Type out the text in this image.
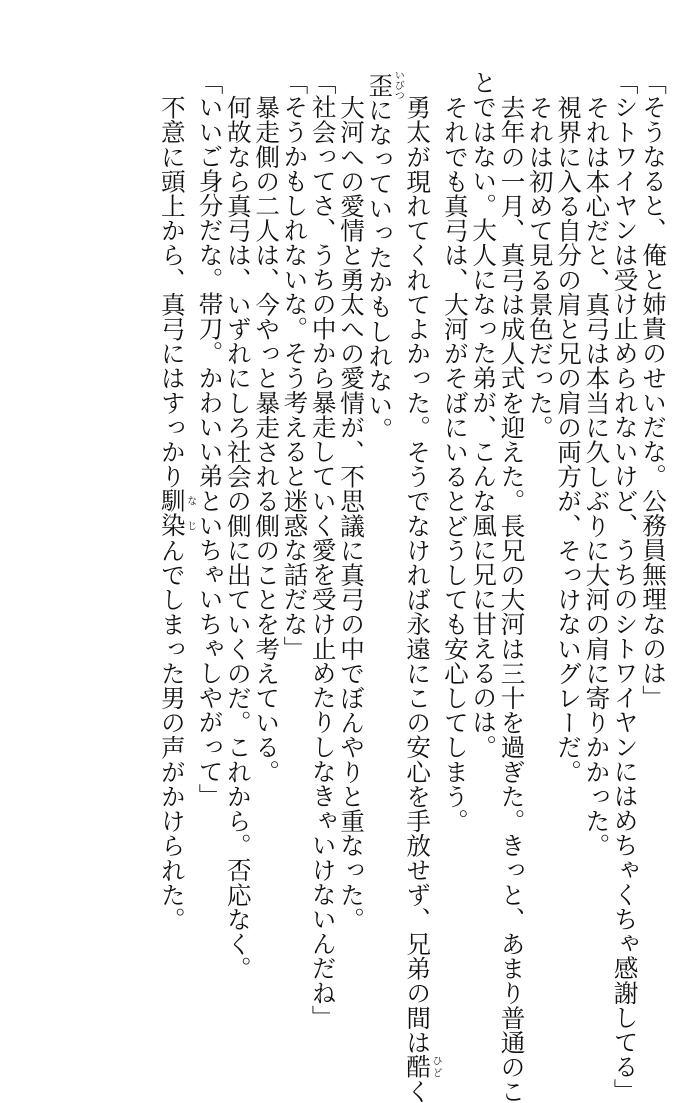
「そうなると、俺と姉貴のせいだな。公務員無理なのは」

「シトワイヤンは受け止められないけど、うちのシトワイヤンにはめちゃくちゃ感謝してる」

それは本心だと、真弓は本当に久しぶりに大河の肩に寄りかかった。

視界に入る自分の肩と兄の肩の両方が、そっけないグレーだ。

それは初めて見る景色だった。

去年の一月、真弓は成人式を迎えた。長兄の大河は三十を過ぎた。きっと、あまり普通のこ

とではない。大人になった弟が、こんな風に兄に甘えるのは。

それでも真弓は、大河がそばにいるとどうしても安心してしまう。

勇太が現れてくれてよかった。そうでなければ永遠にこの安心を手放せず、兄弟の間は酷ひどく

歪いびつになっていったかもしれない。

大河への愛情と勇太への愛情が、不思議に真弓の中でぼんやりと重なった。

「社会ってさ、うちの中から暴走していく愛を受け止めたりしなきゃいけないんだね」

「そうかもしれないな。そう考えると迷惑な話だな」

暴走側の二人は、今やっと暴走される側のことを考えている。

何故なら真弓は、いずれにしろ社会の側に出ていくのだ。これから。否応なく。

「いいご身分だな。帯刀。かわいい弟といちゃいちゃしやがって」

不意に頭上から、真弓にはすっかり馴染なじんでしまった男の声がかけられた。
